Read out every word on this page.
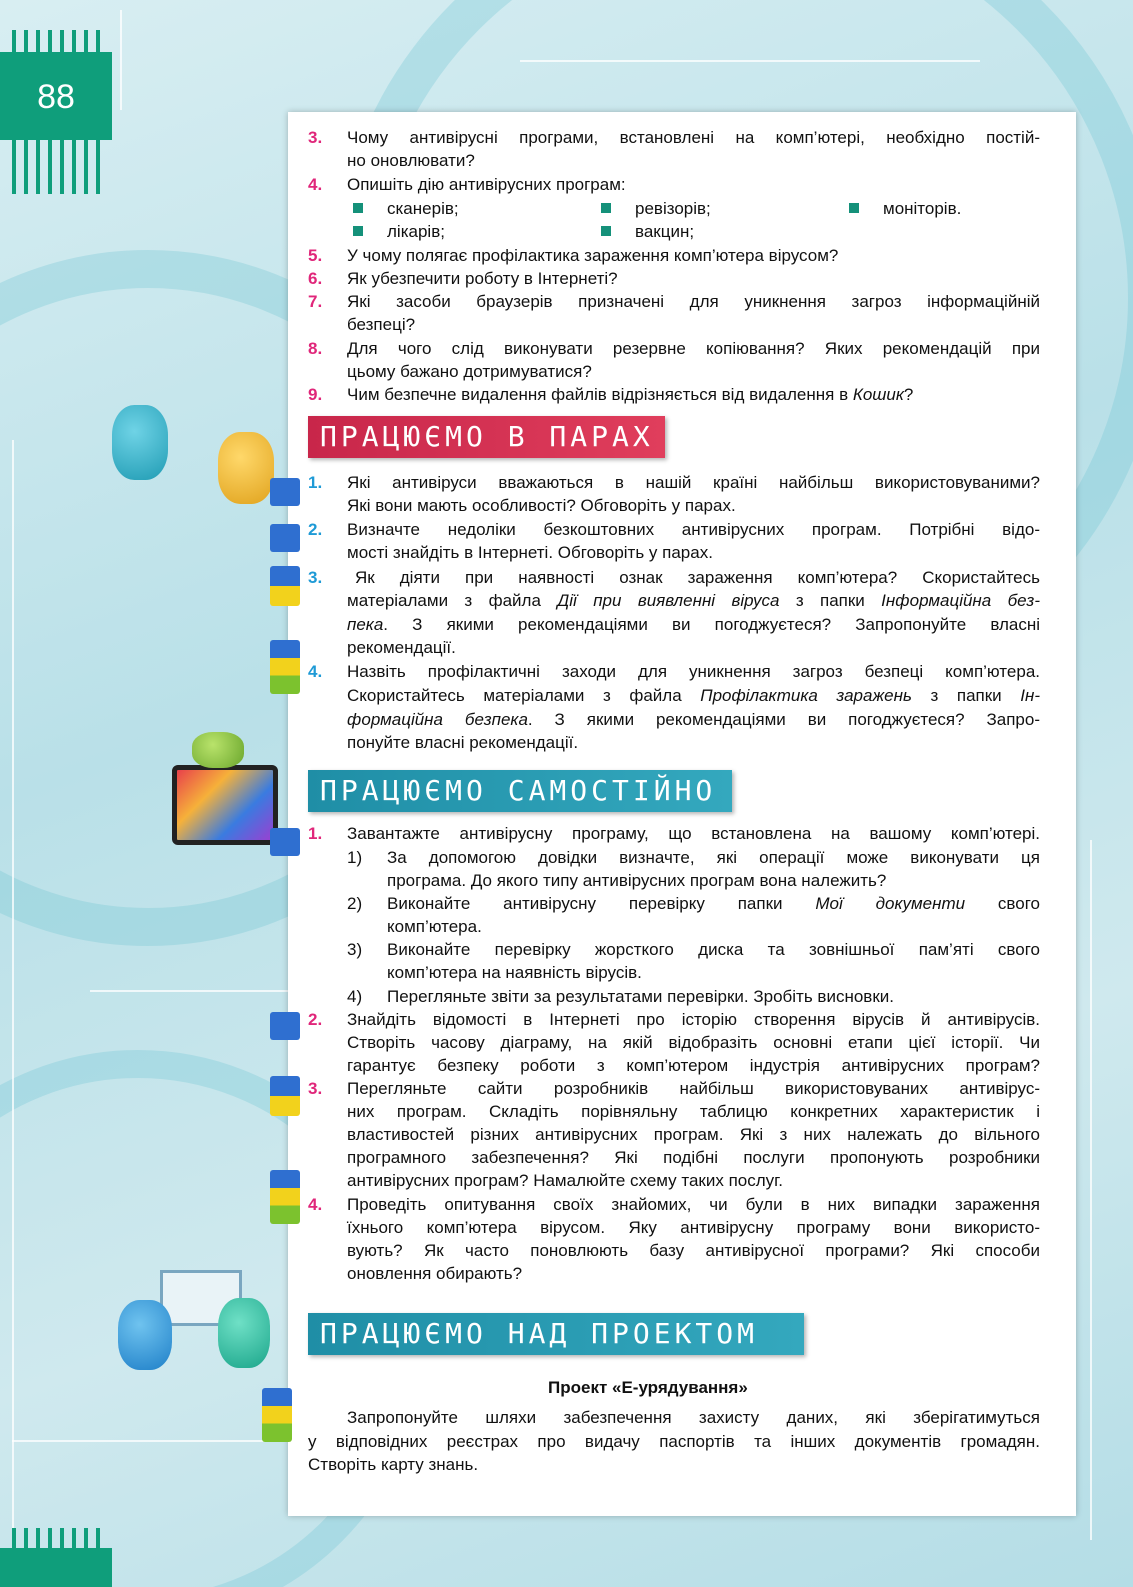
88
3. Чому антивірусні програми, встановлені на комп’ютері, необхідно постій-
но оновлювати?
4. Опишіть дію антивірусних програм:
сканерів;	ревізорів;	моніторів.
лікарів;	вакцин;
5. У чому полягає профілактика зараження комп’ютера вірусом?
6. Як убезпечити роботу в Інтернеті?
7. Які засоби браузерів призначені для уникнення загроз інформаційній
безпеці?
8. Для чого слід виконувати резервне копіювання? Яких рекомендацій при
цьому бажано дотримуватися?
9. Чим безпечне видалення файлів відрізняється від видалення в Кошик?
ПРАЦЮЄМО В ПАРАХ
1. Які антивіруси вважаються в нашій країні найбільш використовуваними?
Які вони мають особливості? Обговоріть у парах.
2. Визначте недоліки безкоштовних антивірусних програм. Потрібні відо-
мості знайдіть в Інтернеті. Обговоріть у парах.
3. Як діяти при наявності ознак зараження комп’ютера? Скористайтесь
матеріалами з файла Дії при виявленні віруса з папки Інформаційна без-
пека. З якими рекомендаціями ви погоджуєтеся? Запропонуйте власні
рекомендації.
4. Назвіть профілактичні заходи для уникнення загроз безпеці комп’ютера.
Скористайтесь матеріалами з файла Профілактика заражень з папки Ін-
формаційна безпека. З якими рекомендаціями ви погоджуєтеся? Запро-
понуйте власні рекомендації.
ПРАЦЮЄМО САМОСТІЙНО
1. Завантажте антивірусну програму, що встановлена на вашому комп’ютері.
1) За допомогою довідки визначте, які операції може виконувати ця
програма. До якого типу антивірусних програм вона належить?
2) Виконайте антивірусну перевірку папки Мої документи свого
комп’ютера.
3) Виконайте перевірку жорсткого диска та зовнішньої пам’яті свого
комп’ютера на наявність вірусів.
4) Перегляньте звіти за результатами перевірки. Зробіть висновки.
2. Знайдіть відомості в Інтернеті про історію створення вірусів й антивірусів.
Створіть часову діаграму, на якій відобразіть основні етапи цієї історії. Чи
гарантує безпеку роботи з комп’ютером індустрія антивірусних програм?
3. Перегляньте сайти розробників найбільш використовуваних антивірус-
них програм. Складіть порівняльну таблицю конкретних характеристик і
властивостей різних антивірусних програм. Які з них належать до вільного
програмного забезпечення? Які подібні послуги пропонують розробники
антивірусних програм? Намалюйте схему таких послуг.
4. Проведіть опитування своїх знайомих, чи були в них випадки зараження
їхнього комп’ютера вірусом. Яку антивірусну програму вони використо-
вують? Як часто поновлюють базу антивірусної програми? Які способи
оновлення обирають?
ПРАЦЮЄМО НАД ПРОЕКТОМ
Проект «Е-урядування»
Запропонуйте шляхи забезпечення захисту даних, які зберігатимуться
у відповідних реєстрах про видачу паспортів та інших документів громадян.
Створіть карту знань.
